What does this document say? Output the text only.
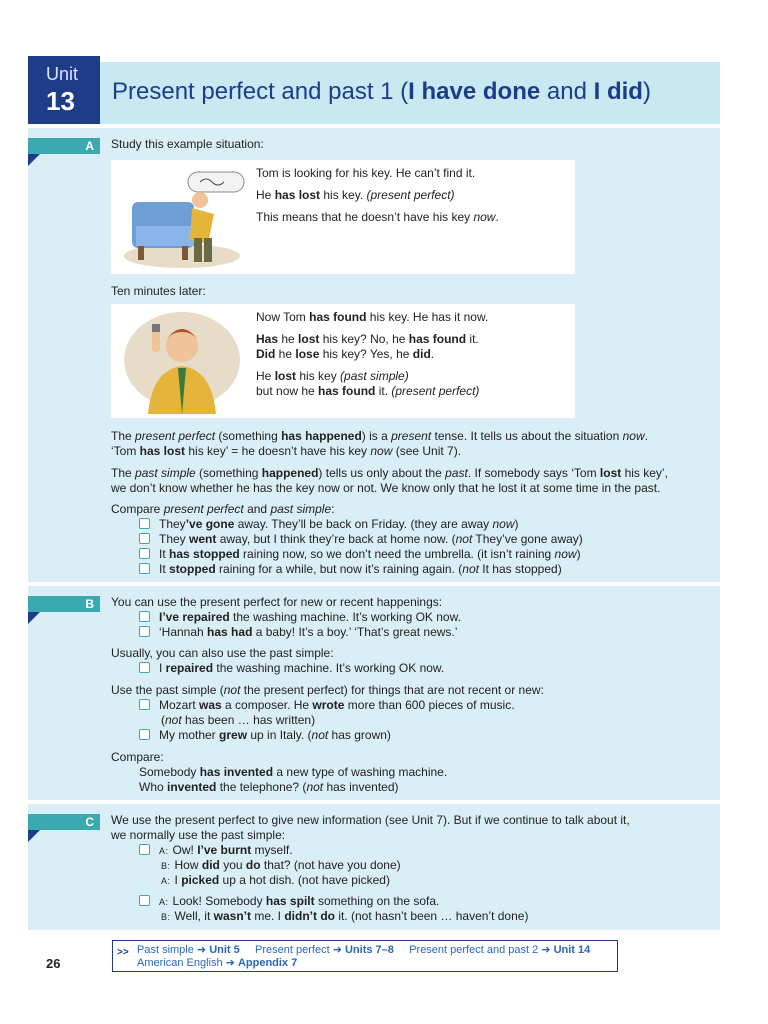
Unit
13 Present perfect and past 1 (I have done and I did)
A	Study this example situation:
Tom is looking for his key. He can’t find it.
He has lost his key. (present perfect)
This means that he doesn’t have his key now.
Ten minutes later:
Now Tom has found his key. He has it now.
Has he lost his key? No, he has found it.
Did he lose his key? Yes, he did.
He lost his key (past simple)
but now he has found it. (present perfect)
The present perfect (something has happened) is a present tense. It tells us about the situation now.
‘Tom has lost his key’ = he doesn’t have his key now (see Unit 7).
The past simple (something happened) tells us only about the past. If somebody says ‘Tom lost his key’,
we don’t know whether he has the key now or not. We know only that he lost it at some time in the past.
Compare present perfect and past simple:
They’ve gone away. They’ll be back on Friday. (they are away now)
They went away, but I think they’re back at home now. (not They’ve gone away)
It has stopped raining now, so we don’t need the umbrella. (it isn’t raining now)
It stopped raining for a while, but now it’s raining again. (not It has stopped)
B	You can use the present perfect for new or recent happenings:
I’ve repaired the washing machine. It’s working OK now.
‘Hannah has had a baby! It’s a boy.’ ‘That’s great news.’
Usually, you can also use the past simple:
I repaired the washing machine. It’s working OK now.
Use the past simple (not the present perfect) for things that are not recent or new:
Mozart was a composer. He wrote more than 600 pieces of music.
(not has been … has written)
My mother grew up in Italy. (not has grown)
Compare:
Somebody has invented a new type of washing machine.
Who invented the telephone? (not has invented)
C	We use the present perfect to give new information (see Unit 7). But if we continue to talk about it,
we normally use the past simple:
A: Ow! I’ve burnt myself.
B: How did you do that? (not have you done)
A: I picked up a hot dish. (not have picked)
A: Look! Somebody has spilt something on the sofa.
B: Well, it wasn’t me. I didn’t do it. (not hasn’t been … haven’t done)
>> Past simple ➜ Unit 5 Present perfect ➜ Units 7–8 Present perfect and past 2 ➜ Unit 14
American English ➜ Appendix 7
26
